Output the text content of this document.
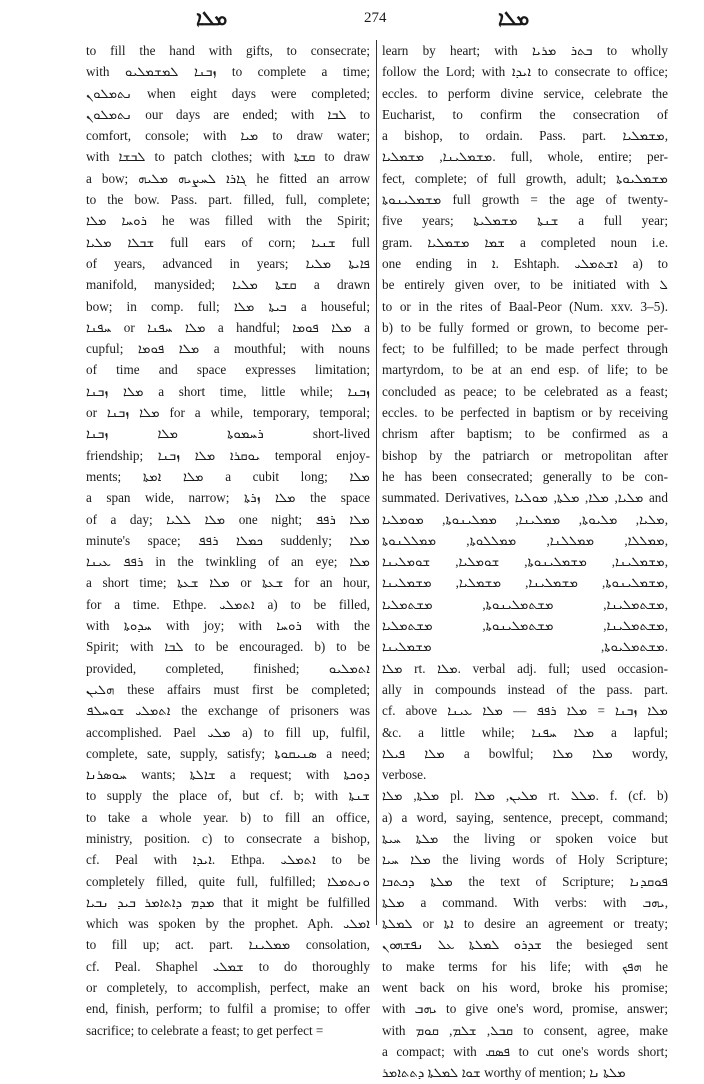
ܡܠܐ	274	ܡܠܐ
to fill the hand with gifts, to consecrate;
with ܙܒܢܐ ܠܡܫܡܠܝܘ to complete a time;
ܢܬܡܠܘܢ when eight days were completed;
ܢܬܡܠܘܢ our days are ended; with ܠܒܐ to
comfort, console; with ܡܝܐ to draw water;
with ܠܒܫܐ to patch clothes; with ܩܫܬܐ to draw
a bow; ܓܐܪܐ ܠܚܨܝܗ ܡܠܝܗ he fitted an arrow
to the bow. Pass. part. filled, full, complete;
ܪܘܚܐ ܡܠܐ he was filled with the Spirit;
ܫܒܠܐ ܡܠܝܐ full ears of corn; ܫܢܝܐ full
of years, advanced in years; ܦܐܝܬܐ ܡܠܝܐ
manifold, manysided; ܩܫܬܐ ܡܠܝܐ a drawn
bow; in comp. full; ܒܝܬܐ ܡܠܐ a houseful;
ܚܦܢܐ or ܡܠܐ ܚܦܢܐ a handful; ܡܠܐ ܦܘܡܐ a
cupful; ܡܠܐ ܦܘܡܐ a mouthful; with nouns
of time and space expresses limitation;
ܡܠܐ ܙܒܢܐ a short time, little while; ܙܒܢܐ
or ܡܠܐ ܙܒܢܐ for a while, temporary, temporal;
ܪܚܡܘܬܐ ܡܠܐ ܙܒܢܐ short-lived
friendship; ܝܘܩܪܐ ܡܠܐ ܙܒܢܐ temporal enjoy-
ments; ܡܠܐ ܐܡܬܐ a cubit long; ܡܠܐ
a span wide, narrow; ܡܠܐ ܙܪܬܐ the space
of a day; ܡܠܐ ܠܠܝܐ one night; ܡܠܐ ܪܦܦ
minute's space; ܟܡܠܐ ܪܦܦ suddenly; ܡܠܐ
ܪܦܦ ܥܝܢܐ in the twinkling of an eye; ܡܠܐ
a short time; ܡܠܐ ܫܥܬܐ or ܫܥܬܐ for an hour,
for a time. Ethpe. ܐܬܡܠܝ a) to be filled,
with ܚܕܘܬܐ with joy; with ܪܘܚܐ with the
Spirit; with ܠܒܐ to be encouraged. b) to be
provided, completed, finished; ܐܬܡܠܝܘ
ܗܠܝܢ these affairs must first be completed;
ܐܬܡܠܝ ܫܘܚܠܦ the exchange of prisoners was
accomplished. Pael ܡܠܝ a) to fill up, fulfil,
complete, sate, supply, satisfy; ܣܢܝܩܘܬܐ a need;
ܚܘܣܪܢܐ wants; ܫܐܠܬܐ a request; with ܕܘܟܬܐ
to supply the place of, but cf. b; with ܫܢܬܐ
to take a whole year. b) to fill an office,
ministry, position. c) to consecrate a bishop,
cf. Peal with ܐܝܕܐ. Ethpa. ܐܬܡܠܝ to be
completely filled, quite full, fulfilled; ܘܢܬܡܠܐ
ܡܕܡ ܕܐܬܐܡܪ ܒܝܕ ܢܒܝܐ that it might be fulfilled
which was spoken by the prophet. Aph. ܐܡܠܝ
to fill up; act. part. ܡܡܠܝܢܐ consolation,
cf. Peal. Shaphel ܫܡܠܝ to do thoroughly
or completely, to accomplish, perfect, make an
end, finish, perform; to fulfil a promise; to offer
sacrifice; to celebrate a feast; to get perfect =
learn by heart; with ܒܬܪ ܡܪܝܐ to wholly
follow the Lord; with ܐܝܕܐ to consecrate to office;
eccles. to perform divine service, celebrate the
Eucharist, to confirm the consecration of
a bishop, to ordain. Pass. part. ܡܫܡܠܝܐ,
ܡܫܡܠܝܢܐ, ܡܫܡܠܝܐ. full, whole, entire; per-
fect, complete; of full growth, adult; ܡܫܡܠܝܘܬܐ
ܡܫܡܠܝܢܘܬܐ full growth = the age of twenty-
five years; ܫܢܬܐ ܡܫܡܠܝܬܐ a full year;
gram. ܫܡܐ ܡܫܡܠܝܐ a completed noun i.e.
one ending in ܐ. Eshtaph. ܐܫܬܡܠܝ a) to
be entirely given over, to be initiated with ܠ
to or in the rites of Baal-Peor (Num. xxv. 3–5).
b) to be fully formed or grown, to become per-
fect; to be fulfilled; to be made perfect through
martyrdom, to be at an end esp. of life; to be
concluded as peace; to be celebrated as a feast;
eccles. to be perfected in baptism or by receiving
chrism after baptism; to be confirmed as a
bishop by the patriarch or metropolitan after
he has been consecrated; generally to be con-
summated. Derivatives, ܡܠܝܐ, ܡܠܐ, ܡܠܬܐ, ܡܘܠܝܐ and
ܡܠܝܐ, ܡܠܝܘܬܐ, ܡܡܠܝܢܐ, ܡܡܠܝܢܘܬܐ, ܡܘܡܠܝܐ,
ܡܡܠܠܐ, ܡܡܠܠܢܐ, ܡܡܠܠܘܬܐ, ܡܡܠܠܢܘܬܐ,
ܡܫܡܠܝܢܐ, ܡܫܡܠܝܢܘܬܐ, ܫܘܡܠܝܐ, ܫܘܡܠܝܢܐ,
ܡܫܡܠܝܢܘܬܐ, ܡܫܡܠܝܢܐ, ܡܫܡܠܝܐ, ܡܫܡܠܝܢܐ,
ܡܫܬܡܠܝܢܐ, ܡܫܬܡܠܝܢܘܬܐ, ܡܫܬܡܠܝܐ,
ܡܫܬܡܠܝܢܐ, ܡܫܬܡܠܝܢܘܬܐ, ܡܫܬܡܠܝܐ,
ܡܫܬܡܠܝܘܬܐ, ܡܫܡܠܝܢܐ.
ܡܠܐ rt. ܡܠܐ. verbal adj. full; used occasion-
ally in compounds instead of the pass. part.
cf. above ܡܠܐ ܙܒܢܐ = ܡܠܐ ܪܦܦ — ܡܠܐ ܥܝܢܐ
&c. a little while; ܡܠܐ ܚܦܢܐ a lapful;
ܡܠܐ ܦܝܠܐ a bowlful; ܡܠܐ ܡܠܐ wordy,
verbose.
ܡܠܬܐ, ܡܠܐ pl. ܡܠܝܢ, ܡܠܐ rt. ܡܠܠ. f. (cf. b)
a) a word, saying, sentence, precept, command;
ܡܠܬܐ ܚܝܬܐ the living or spoken voice but
ܡܠܐ ܚܝܐ the living words of Holy Scripture;
ܡܠܬܐ ܕܟܬܒܐ the text of Scripture; ܦܘܩܕܢܐ
ܡܠܬܐ a command. With verbs: with ܝܗܒ,
ܠܡܠܬܐ or ܐܬܐ to desire an agreement or treaty;
ܫܕܪܘ ܠܡܠܬܐ ܥܠ ܢܦܫܗܘܢ the besieged sent
to make terms for his life; with ܗܦܟ he
went back on his word, broke his promise;
with ܝܗܒ to give one's word, promise, answer;
with ܩܒܠ, ܫܠܡ, ܩܘܡ to consent, agree, make
a compact; with ܦܣܩ to cut one's words short;
ܫܘܐ ܠܡܠܬܐ ܕܬܬܐܡܪ worthy of mention; ܡܠܬܐ ܢܐ
